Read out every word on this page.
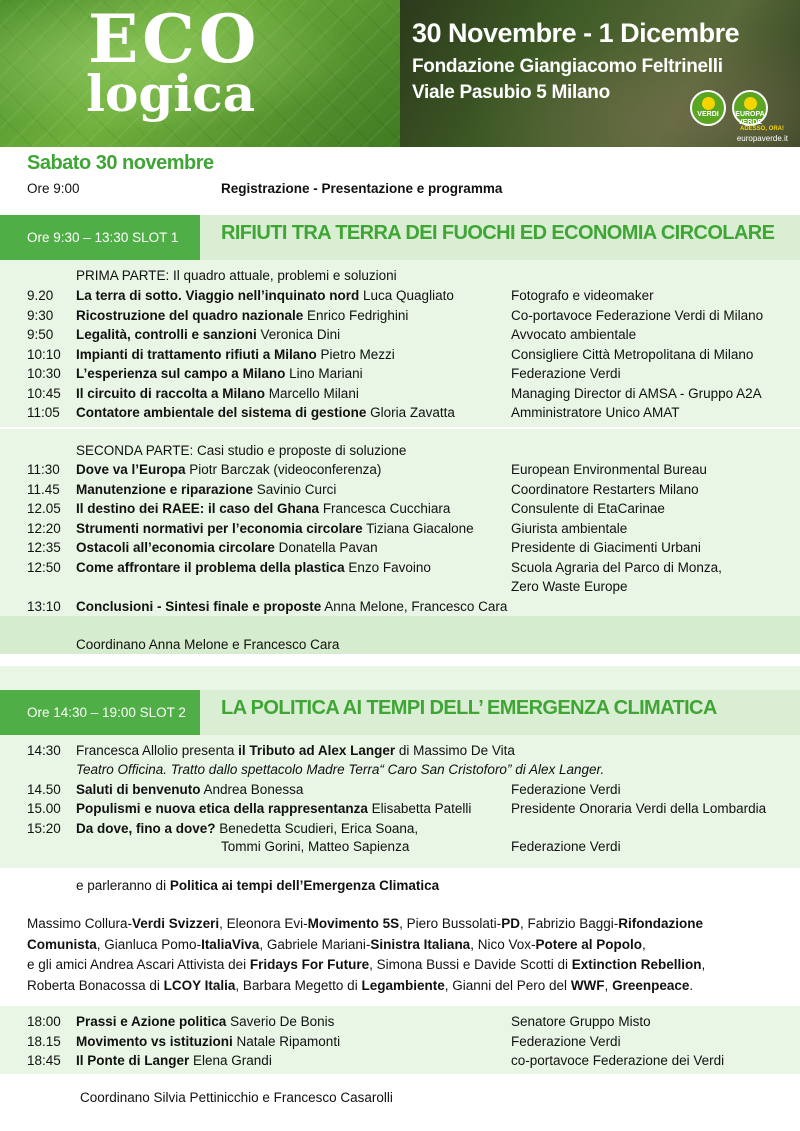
ECO
logica
30 Novembre - 1 Dicembre
Fondazione Giangiacomo Feltrinelli
Viale Pasubio 5 Milano
VERDI	EUROPA VERDE
ADESSO, ORA!
europaverde.it
Sabato 30 novembre
Ore 9:00	Registrazione - Presentazione e programma
Ore 9:30 – 13:30 SLOT 1 RIFIUTI TRA TERRA DEI FUOCHI ED ECONOMIA CIRCOLARE
PRIMA PARTE: Il quadro attuale, problemi e soluzioni
9.20 La terra di sotto. Viaggio nell’inquinato nord Luca Quagliato	Fotografo e videomaker
9:30 Ricostruzione del quadro nazionale Enrico Fedrighini	Co-portavoce Federazione Verdi di Milano
9:50 Legalità, controlli e sanzioni Veronica Dini	Avvocato ambientale
10:10 Impianti di trattamento rifiuti a Milano Pietro Mezzi	Consigliere Città Metropolitana di Milano
10:30 L’esperienza sul campo a Milano Lino Mariani	Federazione Verdi
10:45 Il circuito di raccolta a Milano Marcello Milani	Managing Director di AMSA - Gruppo A2A
11:05 Contatore ambientale del sistema di gestione Gloria Zavatta	Amministratore Unico AMAT
SECONDA PARTE: Casi studio e proposte di soluzione
11:30 Dove va l’Europa Piotr Barczak (videoconferenza)	European Environmental Bureau
11.45 Manutenzione e riparazione Savinio Curci	Coordinatore Restarters Milano
12.05 Il destino dei RAEE: il caso del Ghana Francesca Cucchiara	Consulente di EtaCarinae
12:20 Strumenti normativi per l’economia circolare Tiziana Giacalone	Giurista ambientale
12:35 Ostacoli all’economia circolare Donatella Pavan	Presidente di Giacimenti Urbani
12:50 Come affrontare il problema della plastica Enzo Favoino	Scuola Agraria del Parco di Monza,
Zero Waste Europe
13:10 Conclusioni - Sintesi finale e proposte Anna Melone, Francesco Cara
Coordinano Anna Melone e Francesco Cara
Ore 14:30 – 19:00 SLOT 2 LA POLITICA AI TEMPI DELL’ EMERGENZA CLIMATICA
14:30 Francesca Allolio presenta il Tributo ad Alex Langer di Massimo De Vita
Teatro Officina. Tratto dallo spettacolo Madre Terra“ Caro San Cristoforo” di Alex Langer.
14.50 Saluti di benvenuto Andrea Bonessa	Federazione Verdi
15.00 Populismi e nuova etica della rappresentanza Elisabetta Patelli	Presidente Onoraria Verdi della Lombardia
15:20 Da dove, fino a dove? Benedetta Scudieri, Erica Soana,
Tommi Gorini, Matteo Sapienza	Federazione Verdi
e parleranno di Politica ai tempi dell’Emergenza Climatica
Massimo Collura-Verdi Svizzeri, Eleonora Evi-Movimento 5S, Piero Bussolati-PD, Fabrizio Baggi-Rifondazione
Comunista, Gianluca Pomo-ItaliaViva, Gabriele Mariani-Sinistra Italiana, Nico Vox-Potere al Popolo,
e gli amici Andrea Ascari Attivista dei Fridays For Future, Simona Bussi e Davide Scotti di Extinction Rebellion,
Roberta Bonacossa di LCOY Italia, Barbara Megetto di Legambiente, Gianni del Pero del WWF, Greenpeace.
18:00 Prassi e Azione politica Saverio De Bonis	Senatore Gruppo Misto
18.15 Movimento vs istituzioni Natale Ripamonti	Federazione Verdi
18:45 Il Ponte di Langer Elena Grandi	co-portavoce Federazione dei Verdi
Coordinano Silvia Pettinicchio e Francesco Casarolli
